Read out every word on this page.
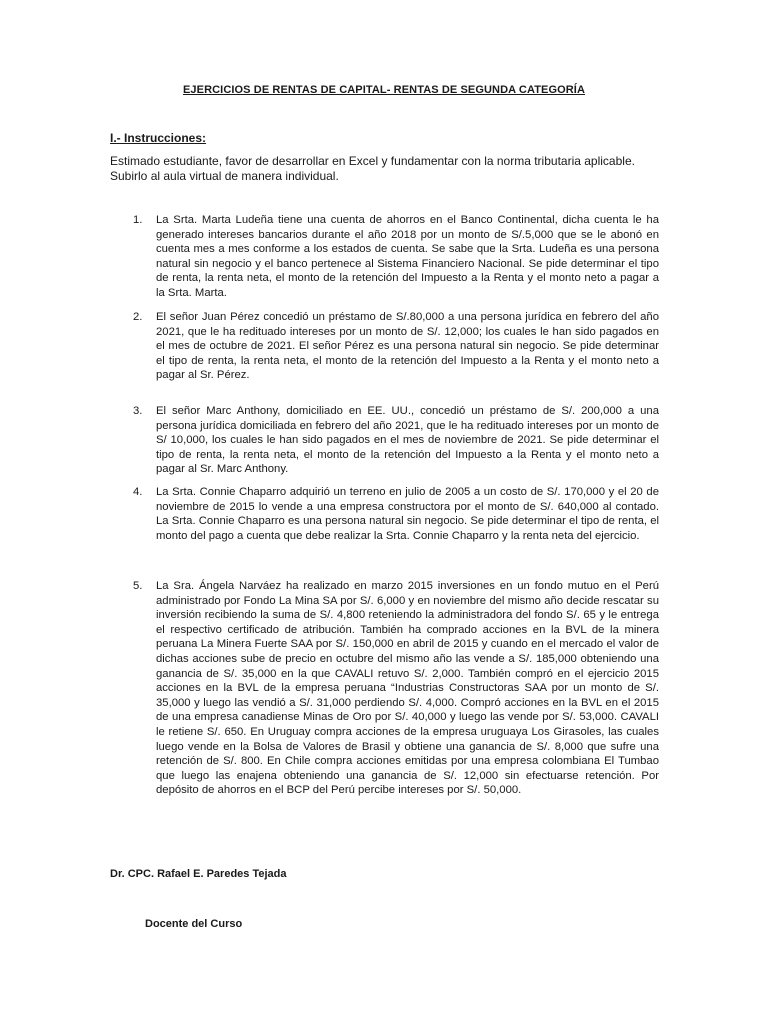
EJERCICIOS DE RENTAS DE CAPITAL- RENTAS DE SEGUNDA CATEGORÍA
I.- Instrucciones:
Estimado estudiante, favor de desarrollar en Excel y fundamentar con la norma tributaria aplicable. Subirlo al aula virtual de manera individual.
1.	La Srta. Marta Ludeña tiene una cuenta de ahorros en el Banco Continental, dicha cuenta le ha generado intereses bancarios durante el año 2018 por un monto de S/.5,000 que se le abonó en cuenta mes a mes conforme a los estados de cuenta. Se sabe que la Srta. Ludeña es una persona natural sin negocio y el banco pertenece al Sistema Financiero Nacional. Se pide determinar el tipo de renta, la renta neta, el monto de la retención del Impuesto a la Renta y el monto neto a pagar a la Srta. Marta.
2.	El señor Juan Pérez concedió un préstamo de S/.80,000 a una persona jurídica en febrero del año 2021, que le ha redituado intereses por un monto de S/. 12,000; los cuales le han sido pagados en el mes de octubre de 2021. El señor Pérez es una persona natural sin negocio. Se pide determinar el tipo de renta, la renta neta, el monto de la retención del Impuesto a la Renta y el monto neto a pagar al Sr. Pérez.
3.	El señor Marc Anthony, domiciliado en EE. UU., concedió un préstamo de S/. 200,000 a una persona jurídica domiciliada en febrero del año 2021, que le ha redituado intereses por un monto de S/ 10,000, los cuales le han sido pagados en el mes de noviembre de 2021. Se pide determinar el tipo de renta, la renta neta, el monto de la retención del Impuesto a la Renta y el monto neto a pagar al Sr. Marc Anthony.
4.	La Srta. Connie Chaparro adquirió un terreno en julio de 2005 a un costo de S/. 170,000 y el 20 de noviembre de 2015 lo vende a una empresa constructora por el monto de S/. 640,000 al contado. La Srta. Connie Chaparro es una persona natural sin negocio. Se pide determinar el tipo de renta, el monto del pago a cuenta que debe realizar la Srta. Connie Chaparro y la renta neta del ejercicio.
5.	La Sra. Ángela Narváez ha realizado en marzo 2015 inversiones en un fondo mutuo en el Perú administrado por Fondo La Mina SA por S/. 6,000 y en noviembre del mismo año decide rescatar su inversión recibiendo la suma de S/. 4,800 reteniendo la administradora del fondo S/. 65 y le entrega el respectivo certificado de atribución. También ha comprado acciones en la BVL de la minera peruana La Minera Fuerte SAA por S/. 150,000 en abril de 2015 y cuando en el mercado el valor de dichas acciones sube de precio en octubre del mismo año las vende a S/. 185,000 obteniendo una ganancia de S/. 35,000 en la que CAVALI retuvo S/. 2,000. También compró en el ejercicio 2015 acciones en la BVL de la empresa peruana “Industrias Constructoras SAA por un monto de S/. 35,000 y luego las vendió a S/. 31,000 perdiendo S/. 4,000. Compró acciones en la BVL en el 2015 de una empresa canadiense Minas de Oro por S/. 40,000 y luego las vende por S/. 53,000. CAVALI le retiene S/. 650. En Uruguay compra acciones de la empresa uruguaya Los Girasoles, las cuales luego vende en la Bolsa de Valores de Brasil y obtiene una ganancia de S/. 8,000 que sufre una retención de S/. 800. En Chile compra acciones emitidas por una empresa colombiana El Tumbao que luego las enajena obteniendo una ganancia de S/. 12,000 sin efectuarse retención. Por depósito de ahorros en el BCP del Perú percibe intereses por S/. 50,000.
Dr. CPC. Rafael E. Paredes Tejada
Docente del Curso
